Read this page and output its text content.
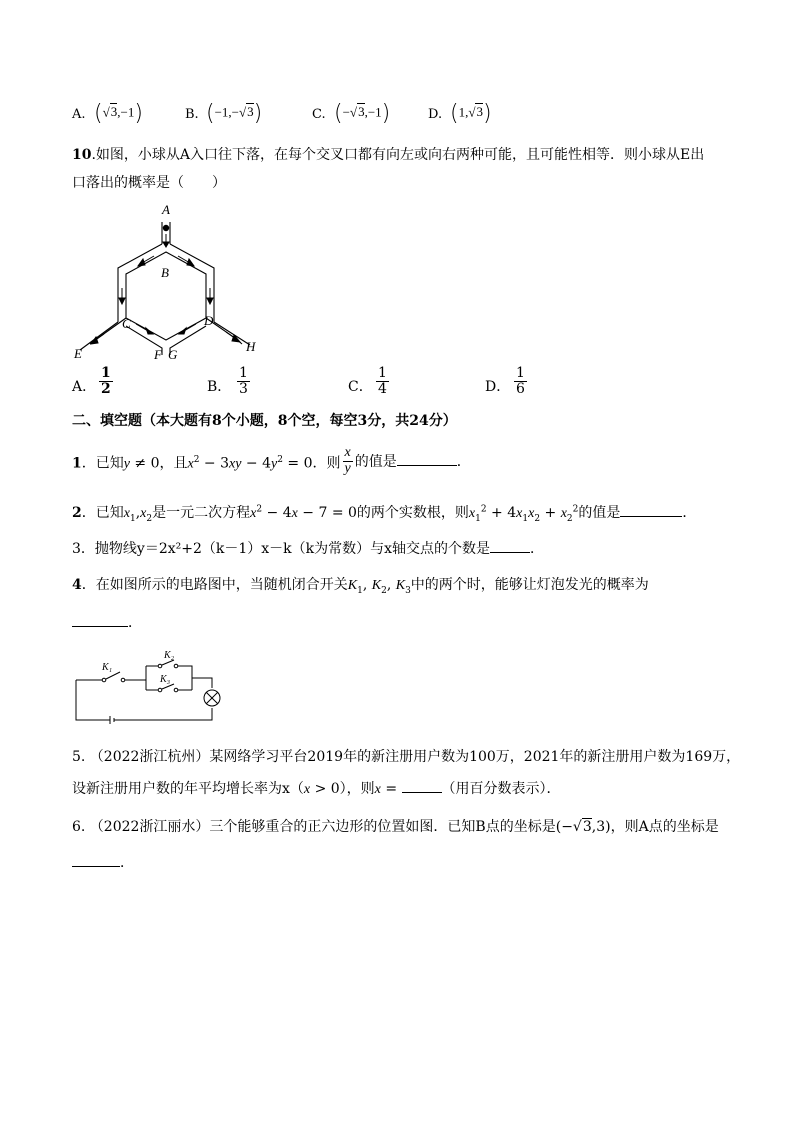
A. (√3,−1)	B. (−1,−√3)	C. (−√3,−1)	D. (1,√3)
10.如图，小球从A入口往下落，在每个交叉口都有向左或向右两种可能，且可能性相等．则小球从E出
口落出的概率是（　　）
A
B
C	D
E	F G
H
A． $\frac{1}{2}$	B． $\frac{1}{3}$	C． $\frac{1}{4}$	D． $\frac{1}{6}$
二、填空题（本大题有8个小题，8个空，每空3分，共24分）
1．已知y ≠ 0，且$x^2 - 3xy - 4y^2 = 0$．则 $\frac{x}{y}$ 的值是	．
2．已知$x_1,x_2$是一元二次方程$x^2 - 4x - 7 = 0$的两个实数根，则$x_1^2 + 4x_1x_2 + x_2^2$的值是	．
3．抛物线y＝2x²+2（k－1）x－k（k为常数）与x轴交点的个数是	．
4．在如图所示的电路图中，当随机闭合开关$K_1$, $K_2$, $K_3$中的两个时，能够让灯泡发光的概率为
．
K₁
K₂
K₃
5. （2022浙江杭州）某网络学习平台2019年的新注册用户数为100万，2021年的新注册用户数为169万，
设新注册用户数的年平均增长率为x（x > 0），则x =	（用百分数表示）．
6. （2022浙江丽水）三个能够重合的正六边形的位置如图．已知B点的坐标是(−√3,3)，则A点的坐标是
．
